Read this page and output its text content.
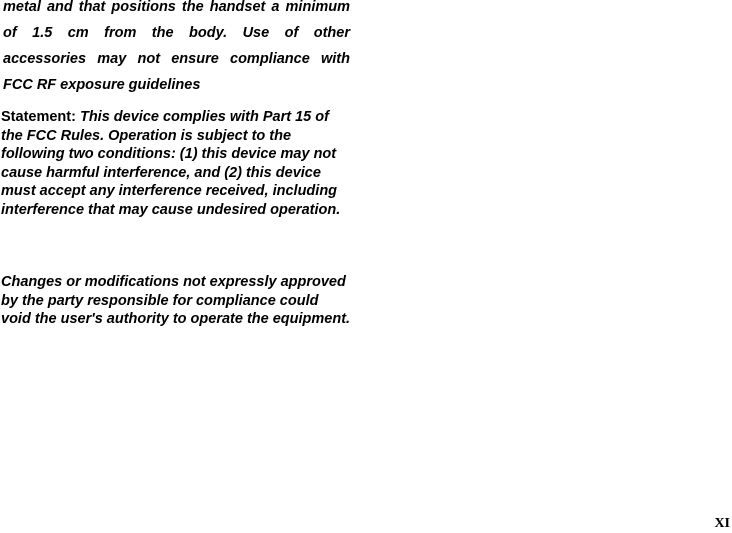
metal and that positions the handset a minimum
of 1.5 cm from the body. Use of other
accessories may not ensure compliance with
FCC RF exposure guidelines
Statement: This device complies with Part 15 of the FCC Rules. Operation is subject to the following two conditions: (1) this device may not cause harmful interference, and (2) this device must accept any interference received, including interference that may cause undesired operation.
Changes or modifications not expressly approved by the party responsible for compliance could void the user's authority to operate the equipment.
XI
